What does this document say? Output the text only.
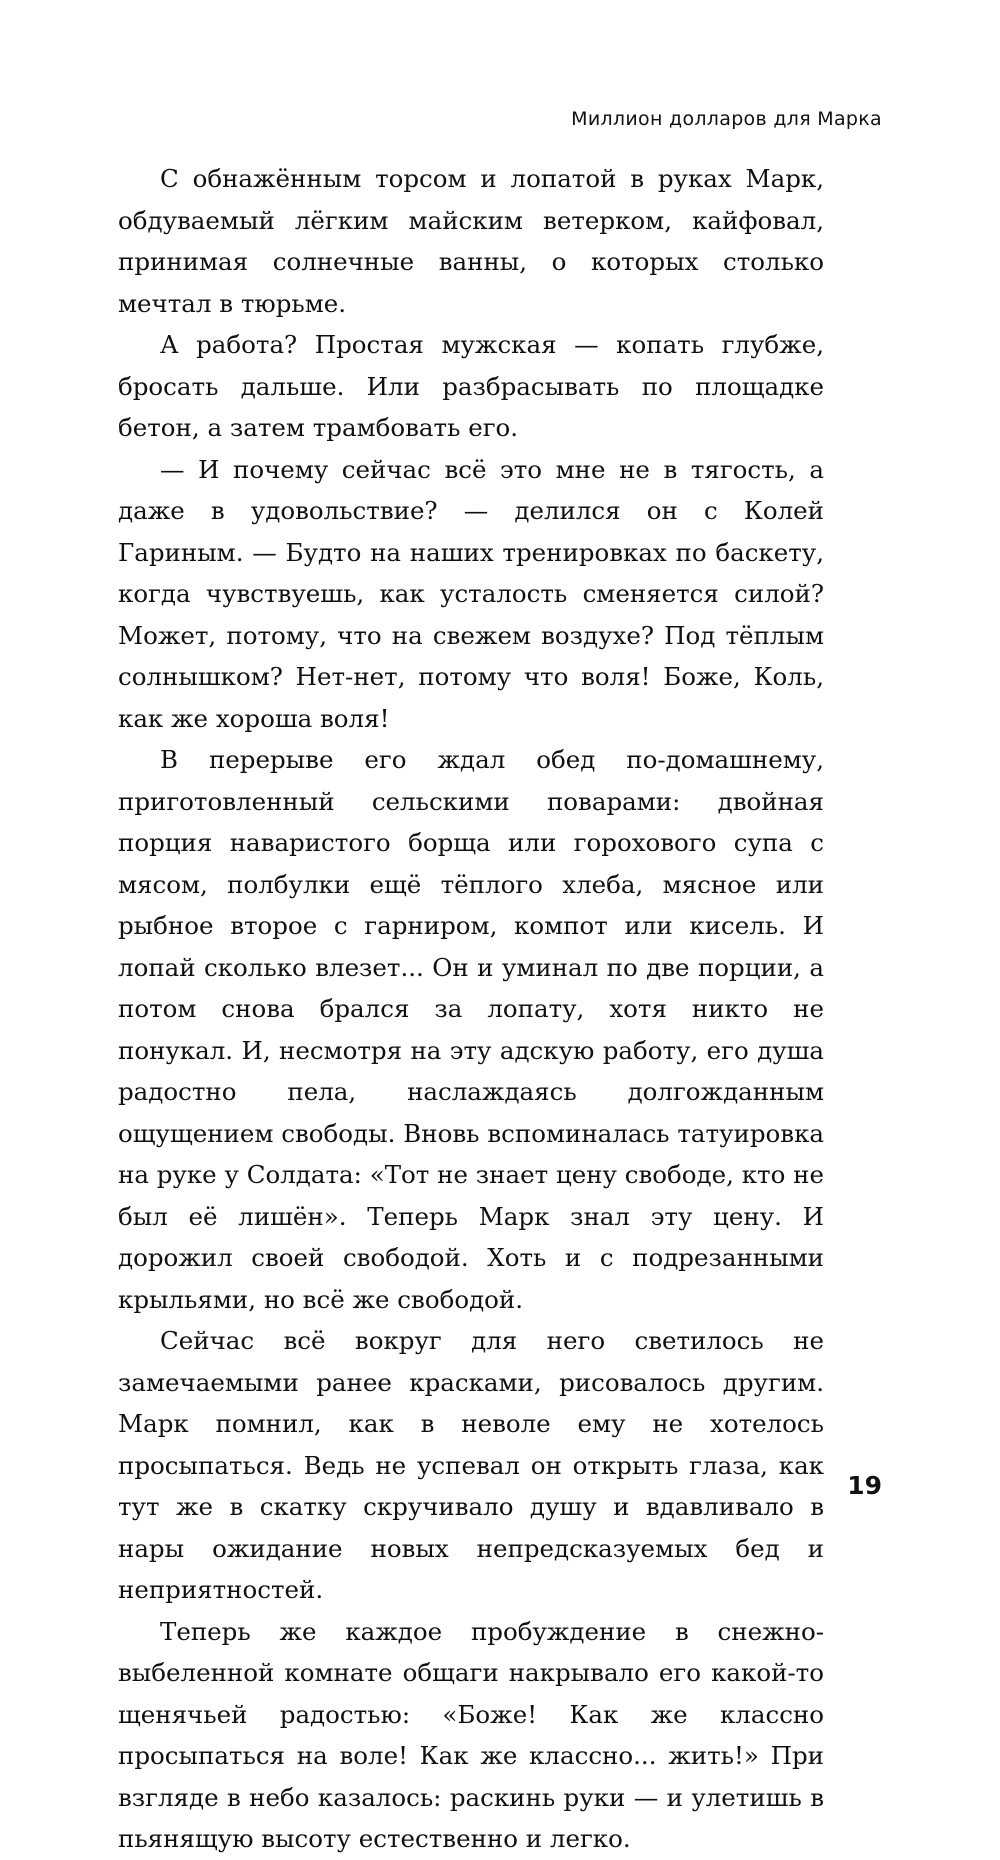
Миллион долларов для Марка

С обнажённым торсом и лопатой в руках Марк, обдуваемый лёгким майским ветерком, кайфовал, принимая солнечные ванны, о которых столько мечтал в тюрьме.

А работа? Простая мужская — копать глубже, бросать дальше. Или разбрасывать по площадке бетон, а затем трамбовать его.

— И почему сейчас всё это мне не в тягость, а даже в удовольствие? — делился он с Колей Гариным. — Будто на наших тренировках по баскету, когда чувствуешь, как усталость сменяется силой? Может, потому, что на свежем воздухе? Под тёплым солнышком? Нет-нет, потому что воля! Боже, Коль, как же хороша воля!

В перерыве его ждал обед по-домашнему, приготовленный сельскими поварами: двойная порция наваристого борща или горохового супа с мясом, полбулки ещё тёплого хлеба, мясное или рыбное второе с гарниром, компот или кисель. И лопай сколько влезет... Он и уминал по две порции, а потом снова брался за лопату, хотя никто не понукал. И, несмотря на эту адскую работу, его душа радостно пела, наслаждаясь долгожданным ощущением свободы. Вновь вспоминалась татуировка на руке у Солдата: «Тот не знает цену свободе, кто не был её лишён». Теперь Марк знал эту цену. И дорожил своей свободой. Хоть и с подрезанными крыльями, но всё же свободой.

Сейчас всё вокруг для него светилось не замечаемыми ранее красками, рисовалось другим. Марк помнил, как в неволе ему не хотелось просыпаться. Ведь не успевал он открыть глаза, как тут же в скатку скручивало душу и вдавливало в нары ожидание новых непредсказуемых бед и неприятностей.

Теперь же каждое пробуждение в снежно-выбеленной комнате общаги накрывало его какой-то щенячьей радостью: «Боже! Как же классно просыпаться на воле! Как же классно... жить!» При взгляде в небо казалось: раскинь руки — и улетишь в пьянящую высоту естественно и легко.

19
